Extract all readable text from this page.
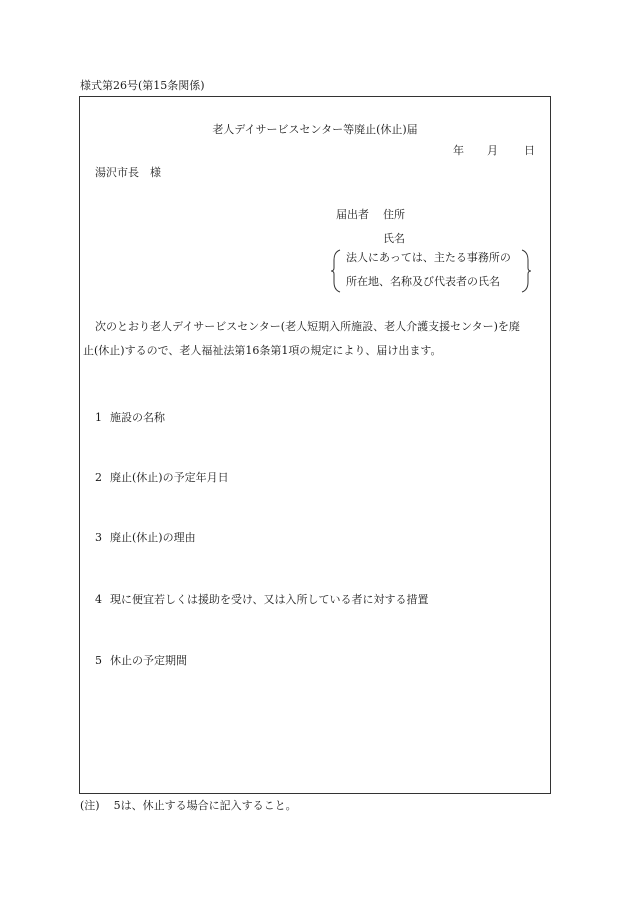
様式第26号(第15条関係)
老人デイサービスセンター等廃止(休止)届
年 月 日
湯沢市長　様
届出者 住所
氏名
法人にあっては、主たる事務所の
所在地、名称及び代表者の氏名
次のとおり老人デイサービスセンター(老人短期入所施設、老人介護支援センター)を廃
止(休止)するので、老人福祉法第16条第1項の規定により、届け出ます。
1 施設の名称
2 廃止(休止)の予定年月日
3 廃止(休止)の理由
4 現に便宜若しくは援助を受け、又は入所している者に対する措置
5 休止の予定期間
(注) 5は、休止する場合に記入すること。
